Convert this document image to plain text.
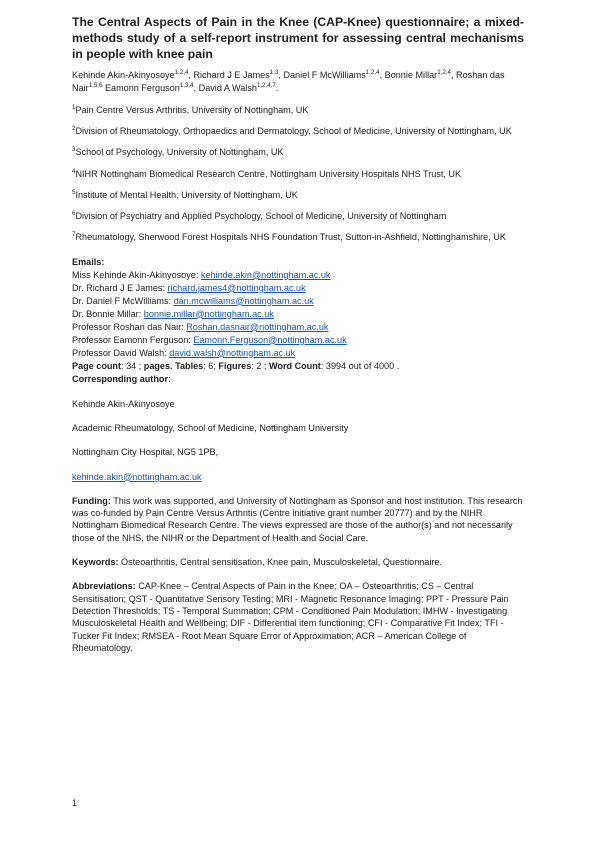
The Central Aspects of Pain in the Knee (CAP-Knee) questionnaire; a mixed-methods study of a self-report instrument for assessing central mechanisms in people with knee pain
Kehinde Akin-Akinyosoye$^{1,2,4}$, Richard J E James$^{1,3}$, Daniel F McWilliams$^{1,2,4}$, Bonnie Millar$^{1,2,4}$, Roshan das Nair$^{1,5,6}$ Eamonn Ferguson$^{1,3,4}$, David A Walsh$^{1,2,4,7}$.
$^1$Pain Centre Versus Arthritis, University of Nottingham, UK
$^2$Division of Rheumatology, Orthopaedics and Dermatology, School of Medicine, University of Nottingham, UK
$^3$School of Psychology, University of Nottingham, UK
$^4$NIHR Nottingham Biomedical Research Centre, Nottingham University Hospitals NHS Trust, UK
$^5$Institute of Mental Health, University of Nottingham, UK
$^6$Division of Psychiatry and Applied Psychology, School of Medicine, University of Nottingham
$^7$Rheumatology, Sherwood Forest Hospitals NHS Foundation Trust, Sutton-in-Ashfield, Nottinghamshire, UK
Emails:
Miss Kehinde Akin-Akinyosoye: kehinde.akin@nottingham.ac.uk
Dr. Richard J E James: richard.james4@nottingham.ac.uk
Dr. Daniel F McWilliams: dan.mcwilliams@nottingham.ac.uk
Dr. Bonnie Millar: bonnie.millar@nottingham.ac.uk
Professor Roshan das Nair: Roshan.dasnair@nottingham.ac.uk
Professor Eamonn Ferguson: Eamonn.Ferguson@nottingham.ac.uk
Professor David Walsh: david.walsh@nottingham.ac.uk
Page count: 34 ; pages. Tables: 6; Figures: 2 ; Word Count: 3994 out of 4000 .
Corresponding author:
Kehinde Akin-Akinyosoye
Academic Rheumatology, School of Medicine, Nottingham University
Nottingham City Hospital, NG5 1PB,
kehinde.akin@nottingham.ac.uk
Funding: This work was supported, and University of Nottingham as Sponsor and host institution. This research was co-funded by Pain Centre Versus Arthritis (Centre initiative grant number 20777) and by the NIHR Nottingham Biomedical Research Centre. The views expressed are those of the author(s) and not necessarily those of the NHS, the NIHR or the Department of Health and Social Care.
Keywords: Osteoarthritis, Central sensitisation, Knee pain, Musculoskeletal, Questionnaire.
Abbreviations: CAP-Knee – Central Aspects of Pain in the Knee; OA – Osteoarthritis; CS – Central Sensitisation; QST - Quantitative Sensory Testing; MRI - Magnetic Resonance Imaging; PPT - Pressure Pain Detection Thresholds; TS - Temporal Summation; CPM - Conditioned Pain Modulation; IMHW - Investigating Musculoskeletal Health and Wellbeing; DIF - Differential item functioning; CFI - Comparative Fit Index; TFI - Tucker Fit Index; RMSEA - Root Mean Square Error of Approximation; ACR – American College of Rheumatology.
1
